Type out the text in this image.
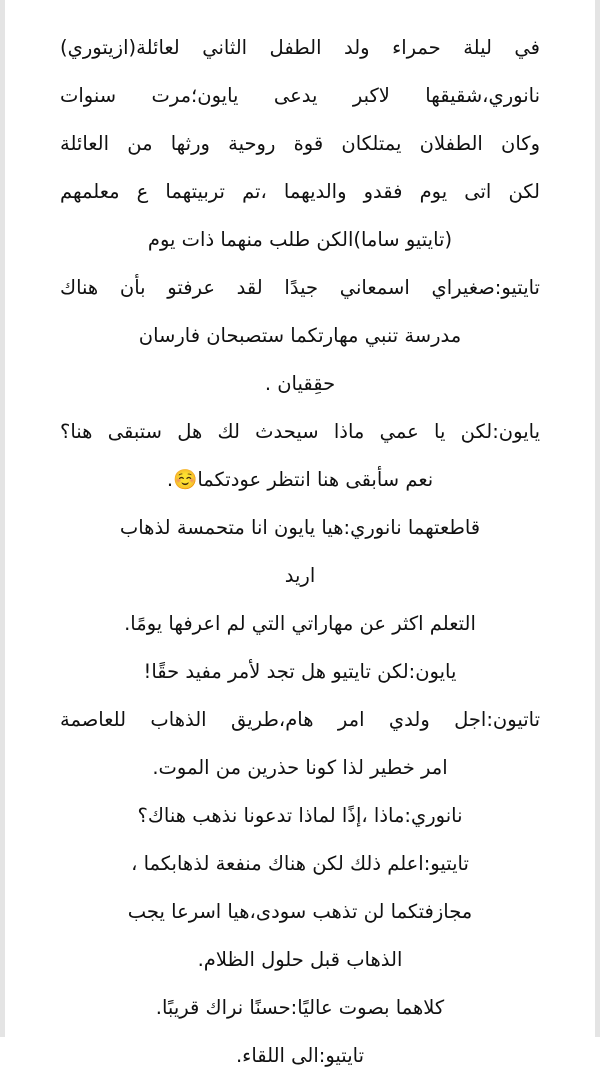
في ليلة حمراء ولد الطفل الثاني لعائلة(ازيتوري)
نانوري،شقيقها لاكبر يدعى يايون؛مرت سنوات
وكان الطفلان يمتلكان قوة روحية ورثها من العائلة
لكن اتى يوم فقدو والديهما ،تم تربيتهما ع معلمهم
(تايتيو ساما)الكن طلب منهما ذات يوم
تايتيو:صغيراي اسمعاني جيدًا لقد عرفتو بأن هناك
مدرسة تنبي مهارتكما ستصبحان فارسان
حقِقيان .
يايون:لكن يا عمي ماذا سيحدث لك هل ستبقى هنا؟
نعم سأبقى هنا انتظر عودتكما☺️.
قاطعتهما نانوري:هيا يايون انا متحمسة لذهاب
اريد
التعلم اكثر عن مهاراتي التي لم اعرفها يومًا.
يايون:لكن تايتيو هل تجد لأمر مفيد حقًا!
تاتيون:اجل ولدي امر هام،طريق الذهاب للعاصمة
امر خطير لذا كونا حذرين من الموت.
نانوري:ماذا ،إذًا لماذا تدعونا نذهب هناك؟
تايتيو:اعلم ذلك لكن هناك منفعة لذهابكما ،
مجازفتكما لن تذهب سودى،هيا اسرعا يجب
الذهاب قبل حلول الظلام.
كلاهما بصوت عاليًا:حسنًا نراك قريبًا.
تايتيو:الى اللقاء.
